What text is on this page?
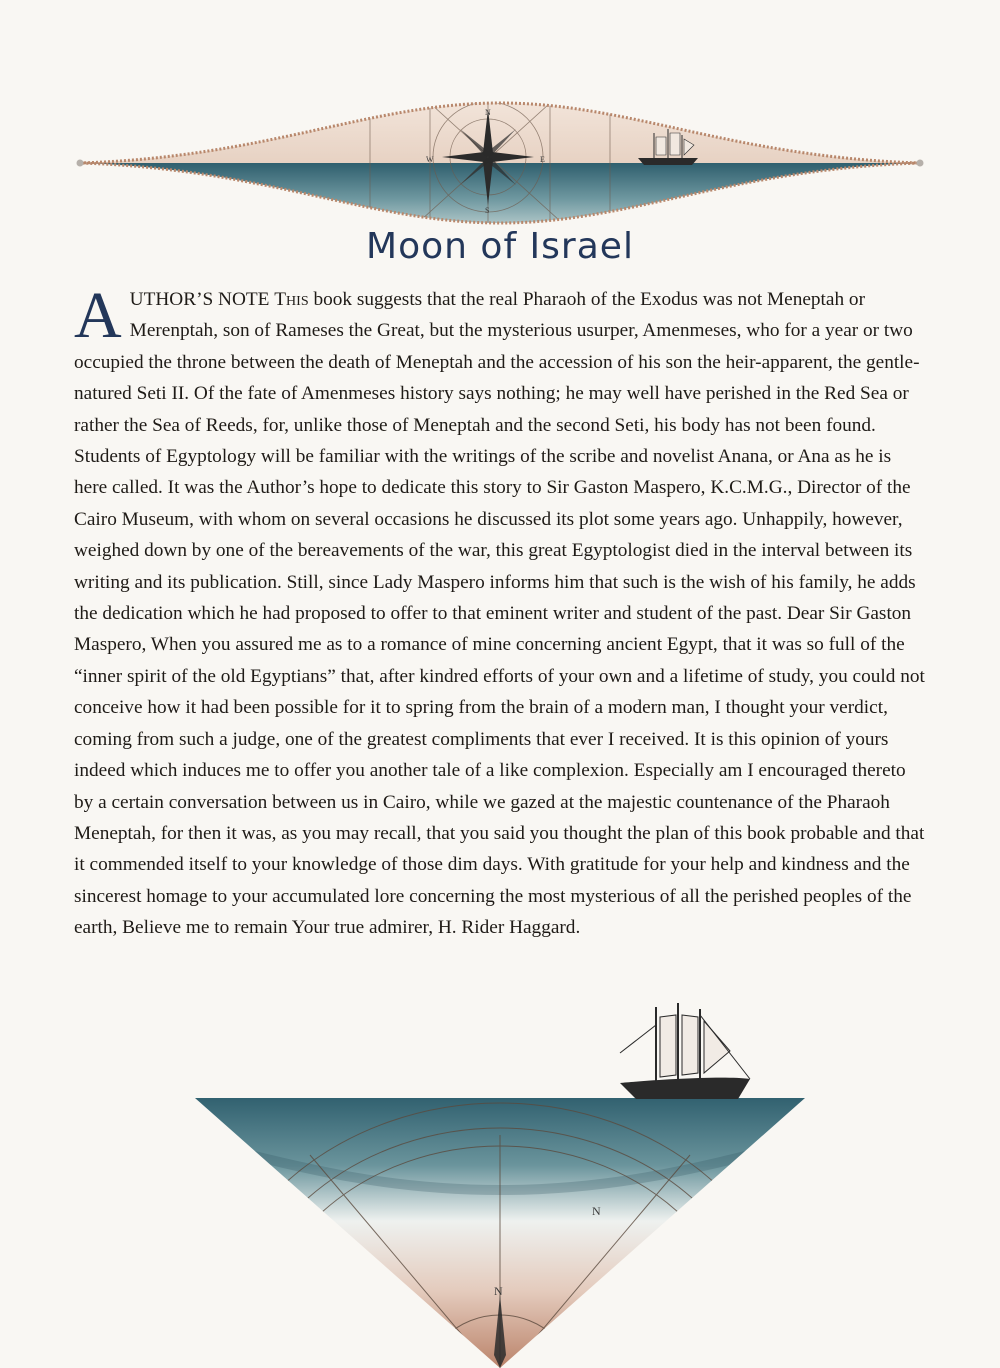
N
E
S
W
Moon of Israel

AUTHOR’S NOTE This book suggests that the real Pharaoh of the Exodus was not Meneptah or Merenptah, son of Rameses the Great, but the mysterious usurper, Amenmeses, who for a year or two occupied the throne between the death of Meneptah and the accession of his son the heir-apparent, the gentle-natured Seti II. Of the fate of Amenmeses history says nothing; he may well have perished in the Red Sea or rather the Sea of Reeds, for, unlike those of Meneptah and the second Seti, his body has not been found. Students of Egyptology will be familiar with the writings of the scribe and novelist Anana, or Ana as he is here called. It was the Author’s hope to dedicate this story to Sir Gaston Maspero, K.C.M.G., Director of the Cairo Museum, with whom on several occasions he discussed its plot some years ago. Unhappily, however, weighed down by one of the bereavements of the war, this great Egyptologist died in the interval between its writing and its publication. Still, since Lady Maspero informs him that such is the wish of his family, he adds the dedication which he had proposed to offer to that eminent writer and student of the past. Dear Sir Gaston Maspero, When you assured me as to a romance of mine concerning ancient Egypt, that it was so full of the “inner spirit of the old Egyptians” that, after kindred efforts of your own and a lifetime of study, you could not conceive how it had been possible for it to spring from the brain of a modern man, I thought your verdict, coming from such a judge, one of the greatest compliments that ever I received. It is this opinion of yours indeed which induces me to offer you another tale of a like complexion. Especially am I encouraged thereto by a certain conversation between us in Cairo, while we gazed at the majestic countenance of the Pharaoh Meneptah, for then it was, as you may recall, that you said you thought the plan of this book probable and that it commended itself to your knowledge of those dim days. With gratitude for your help and kindness and the sincerest homage to your accumulated lore concerning the most mysterious of all the perished peoples of the earth, Believe me to remain Your true admirer, H. Rider Haggard.

N
N
